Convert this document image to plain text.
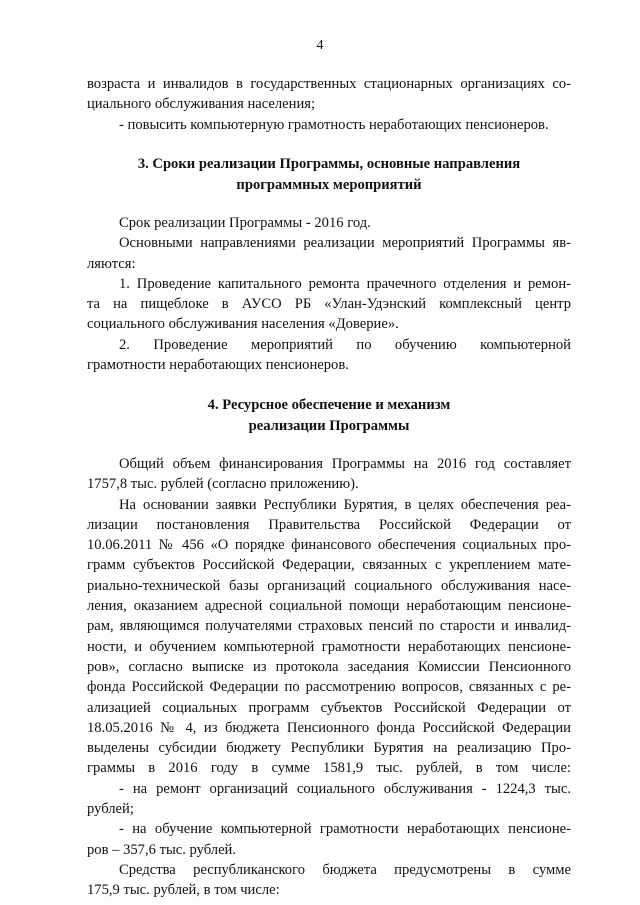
4
возраста и инвалидов в государственных стационарных организациях со-
циального обслуживания населения;
- повысить компьютерную грамотность неработающих пенсионеров.
3. Сроки реализации Программы, основные направления
программных мероприятий
Срок реализации Программы - 2016 год.
Основными направлениями реализации мероприятий Программы яв-
ляются:
1. Проведение капитального ремонта прачечного отделения и ремон-
та на пищеблоке в АУСО РБ «Улан-Удэнский комплексный центр
социального обслуживания населения «Доверие».
2. Проведение мероприятий по обучению компьютерной
грамотности неработающих пенсионеров.
4. Ресурсное обеспечение и механизм
реализации Программы
Общий объем финансирования Программы на 2016 год составляет
1757,8 тыс. рублей (согласно приложению).
На основании заявки Республики Бурятия, в целях обеспечения реа-
лизации постановления Правительства Российской Федерации от
10.06.2011 № 456 «О порядке финансового обеспечения социальных про-
грамм субъектов Российской Федерации, связанных с укреплением мате-
риально-технической базы организаций социального обслуживания насе-
ления, оказанием адресной социальной помощи неработающим пенсионе-
рам, являющимся получателями страховых пенсий по старости и инвалид-
ности, и обучением компьютерной грамотности неработающих пенсионе-
ров», согласно выписке из протокола заседания Комиссии Пенсионного
фонда Российской Федерации по рассмотрению вопросов, связанных с ре-
ализацией социальных программ субъектов Российской Федерации от
18.05.2016 № 4, из бюджета Пенсионного фонда Российской Федерации
выделены субсидии бюджету Республики Бурятия на реализацию Про-
граммы в 2016 году в сумме 1581,9 тыс. рублей, в том числе:
- на ремонт организаций социального обслуживания - 1224,3 тыс.
рублей;
- на обучение компьютерной грамотности неработающих пенсионе-
ров – 357,6 тыс. рублей.
Средства республиканского бюджета предусмотрены в сумме
175,9 тыс. рублей, в том числе:
